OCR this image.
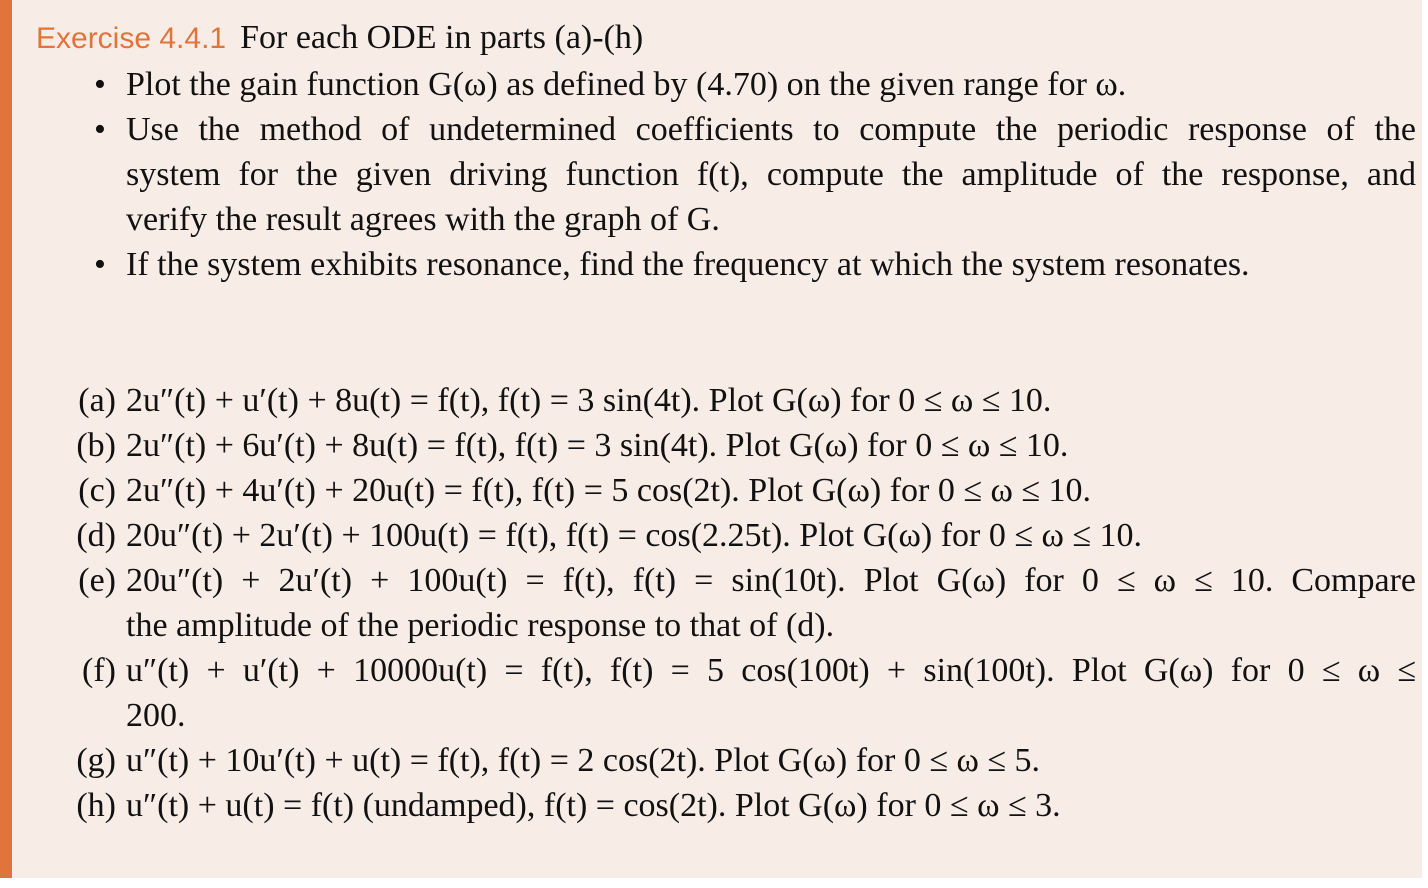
Exercise 4.4.1 For each ODE in parts (a)-(h)
• Plot the gain function G(ω) as defined by (4.70) on the given range for ω.
• Use the method of undetermined coefficients to compute the periodic response of the
system for the given driving function f(t), compute the amplitude of the response, and
verify the result agrees with the graph of G.
• If the system exhibits resonance, find the frequency at which the system resonates.
(a) 2u″(t) + u′(t) + 8u(t) = f(t), f(t) = 3 sin(4t). Plot G(ω) for 0 ≤ ω ≤ 10.
(b) 2u″(t) + 6u′(t) + 8u(t) = f(t), f(t) = 3 sin(4t). Plot G(ω) for 0 ≤ ω ≤ 10.
(c) 2u″(t) + 4u′(t) + 20u(t) = f(t), f(t) = 5 cos(2t). Plot G(ω) for 0 ≤ ω ≤ 10.
(d) 20u″(t) + 2u′(t) + 100u(t) = f(t), f(t) = cos(2.25t). Plot G(ω) for 0 ≤ ω ≤ 10.
(e) 20u″(t) + 2u′(t) + 100u(t) = f(t), f(t) = sin(10t). Plot G(ω) for 0 ≤ ω ≤ 10. Compare
the amplitude of the periodic response to that of (d).
(f) u″(t) + u′(t) + 10000u(t) = f(t), f(t) = 5 cos(100t) + sin(100t). Plot G(ω) for 0 ≤ ω ≤
200.
(g) u″(t) + 10u′(t) + u(t) = f(t), f(t) = 2 cos(2t). Plot G(ω) for 0 ≤ ω ≤ 5.
(h) u″(t) + u(t) = f(t) (undamped), f(t) = cos(2t). Plot G(ω) for 0 ≤ ω ≤ 3.
